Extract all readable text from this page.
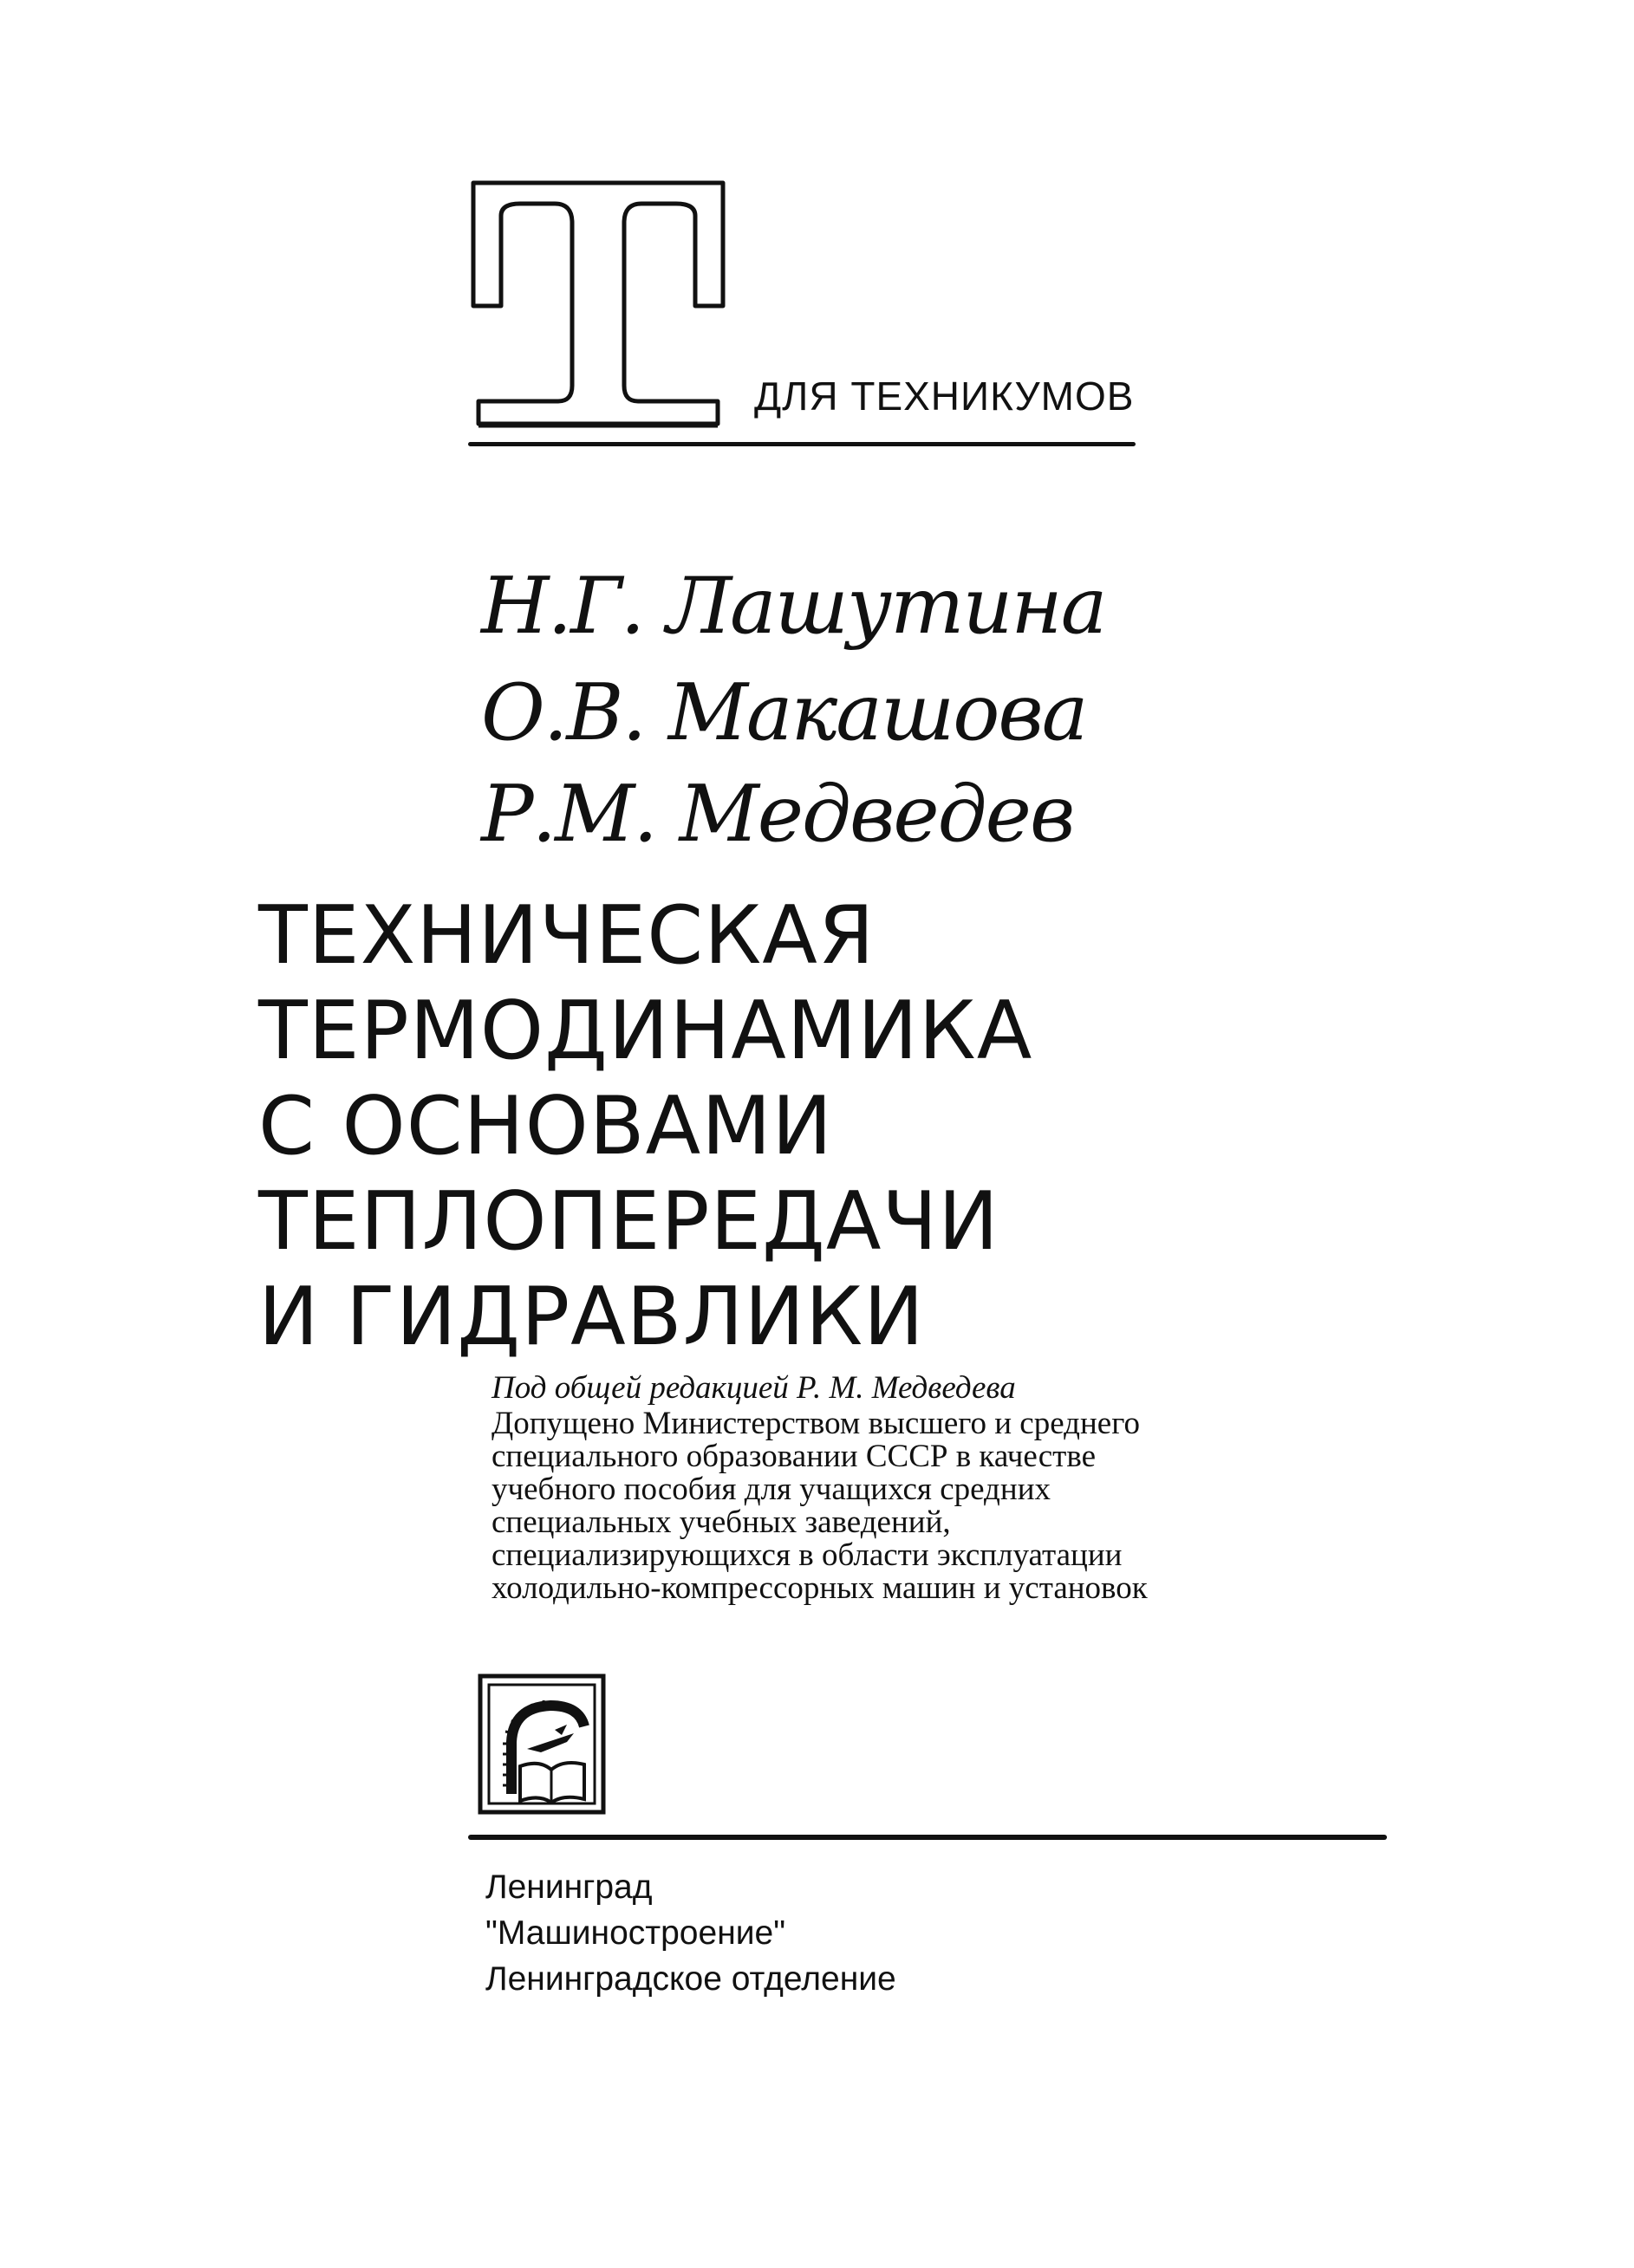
ДЛЯ ТЕХНИКУМОВ
Н.Г. Лашутина
О.В. Макашова
Р.М. Медведев
ТЕХНИЧЕСКАЯ
ТЕРМОДИНАМИКА
С ОСНОВАМИ
ТЕПЛОПЕРЕДАЧИ
И ГИДРАВЛИКИ
Под общей редакцией Р. М. Медведева
Допущено Министерством высшего и среднего
специального образовании СССР в качестве
учебного пособия для учащихся средних
специальных учебных заведений,
специализирующихся в области эксплуатации
холодильно-компрессорных машин и установок
Ленинград
"Машиностроение"
Ленинградское отделение
